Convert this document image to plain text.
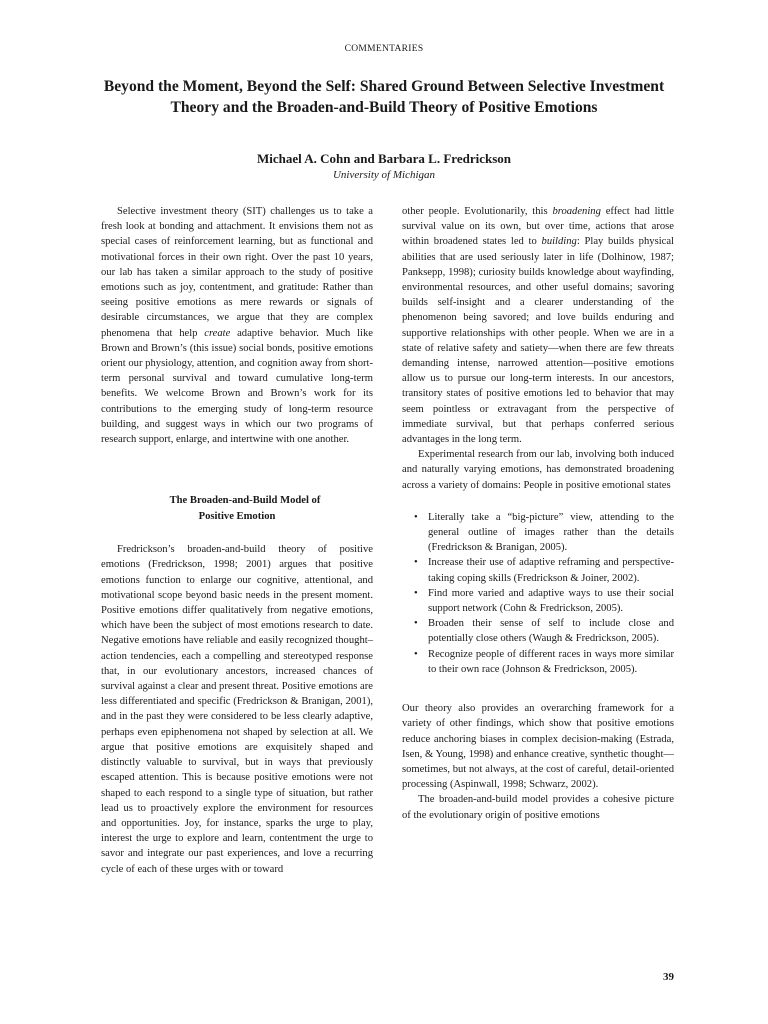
COMMENTARIES
Beyond the Moment, Beyond the Self: Shared Ground Between Selective Investment Theory and the Broaden-and-Build Theory of Positive Emotions
Michael A. Cohn and Barbara L. Fredrickson
University of Michigan

Selective investment theory (SIT) challenges us to take a fresh look at bonding and attachment. It envisions them not as special cases of reinforcement learning, but as functional and motivational forces in their own right. Over the past 10 years, our lab has taken a similar approach to the study of positive emotions such as joy, contentment, and gratitude: Rather than seeing positive emotions as mere rewards or signals of desirable circumstances, we argue that they are complex phenomena that help create adaptive behavior. Much like Brown and Brown’s (this issue) social bonds, positive emotions orient our physiology, attention, and cognition away from short-term personal survival and toward cumulative long-term benefits. We welcome Brown and Brown’s work for its contributions to the emerging study of long-term resource building, and suggest ways in which our two programs of research support, enlarge, and intertwine with one another.

The Broaden-and-Build Model of
Positive Emotion

Fredrickson’s broaden-and-build theory of positive emotions (Fredrickson, 1998; 2001) argues that positive emotions function to enlarge our cognitive, attentional, and motivational scope beyond basic needs in the present moment. Positive emotions differ qualitatively from negative emotions, which have been the subject of most emotions research to date. Negative emotions have reliable and easily recognized thought–action tendencies, each a compelling and stereotyped response that, in our evolutionary ancestors, increased chances of survival against a clear and present threat. Positive emotions are less differentiated and specific (Fredrickson & Branigan, 2001), and in the past they were considered to be less clearly adaptive, perhaps even epiphenomena not shaped by selection at all. We argue that positive emotions are exquisitely shaped and distinctly valuable to survival, but in ways that previously escaped attention. This is because positive emotions were not shaped to each respond to a single type of situation, but rather lead us to proactively explore the environment for resources and opportunities. Joy, for instance, sparks the urge to play, interest the urge to explore and learn, contentment the urge to savor and integrate our past experiences, and love a recurring cycle of each of these urges with or toward

other people. Evolutionarily, this broadening effect had little survival value on its own, but over time, actions that arose within broadened states led to building: Play builds physical abilities that are used seriously later in life (Dolhinow, 1987; Panksepp, 1998); curiosity builds knowledge about wayfinding, environmental resources, and other useful domains; savoring builds self-insight and a clearer understanding of the phenomenon being savored; and love builds enduring and supportive relationships with other people. When we are in a state of relative safety and satiety—when there are few threats demanding intense, narrowed attention—positive emotions allow us to pursue our long-term interests. In our ancestors, transitory states of positive emotions led to behavior that may seem pointless or extravagant from the perspective of immediate survival, but that perhaps conferred serious advantages in the long term.

Experimental research from our lab, involving both induced and naturally varying emotions, has demonstrated broadening across a variety of domains: People in positive emotional states

• Literally take a “big-picture” view, attending to the general outline of images rather than the details (Fredrickson & Branigan, 2005).
• Increase their use of adaptive reframing and perspective-taking coping skills (Fredrickson & Joiner, 2002).
• Find more varied and adaptive ways to use their social support network (Cohn & Fredrickson, 2005).
• Broaden their sense of self to include close and potentially close others (Waugh & Fredrickson, 2005).
• Recognize people of different races in ways more similar to their own race (Johnson & Fredrickson, 2005).

Our theory also provides an overarching framework for a variety of other findings, which show that positive emotions reduce anchoring biases in complex decision-making (Estrada, Isen, & Young, 1998) and enhance creative, synthetic thought—sometimes, but not always, at the cost of careful, detail-oriented processing (Aspinwall, 1998; Schwarz, 2002).

The broaden-and-build model provides a cohesive picture of the evolutionary origin of positive emotions

39
